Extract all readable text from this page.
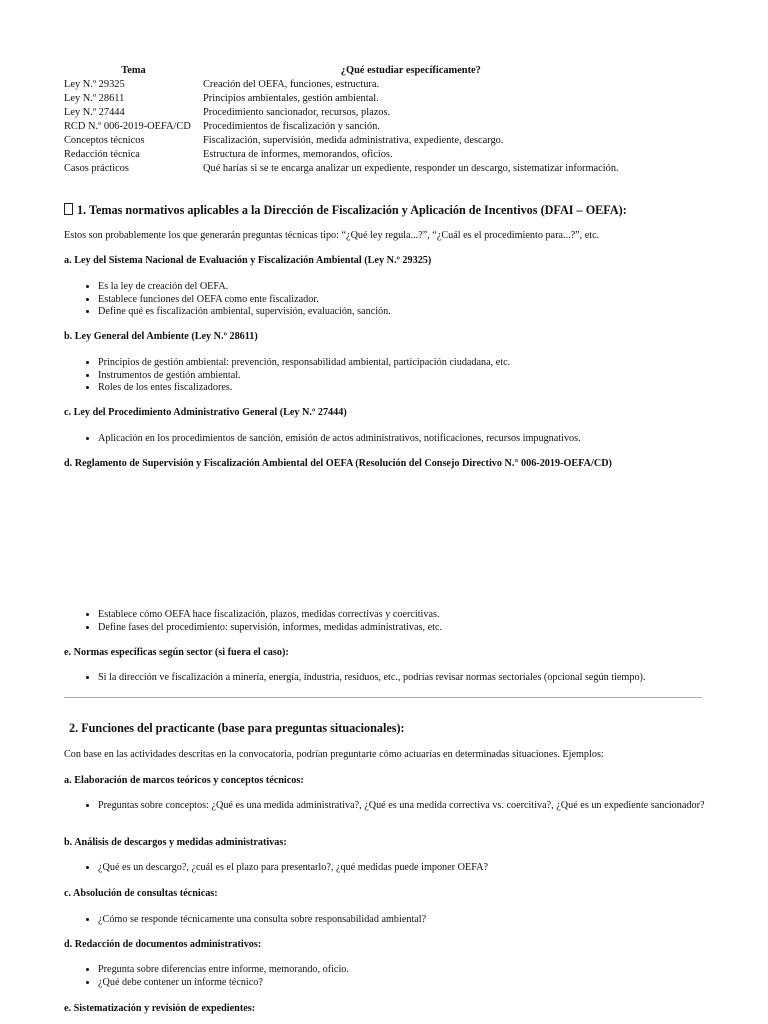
Tema	¿Qué estudiar específicamente?
Ley N.º 29325	Creación del OEFA, funciones, estructura.
Ley N.º 28611	Principios ambientales, gestión ambiental.
Ley N.º 27444	Procedimiento sancionador, recursos, plazos.
RCD N.º 006-2019-OEFA/CD	Procedimientos de fiscalización y sanción.
Conceptos técnicos	Fiscalización, supervisión, medida administrativa, expediente, descargo.
Redacción técnica	Estructura de informes, memorandos, oficios.
Casos prácticos	Qué harías si se te encarga analizar un expediente, responder un descargo, sistematizar información.
1. Temas normativos aplicables a la Dirección de Fiscalización y Aplicación de Incentivos (DFAI – OEFA):
Estos son probablemente los que generarán preguntas técnicas tipo: “¿Qué ley regula...?”, “¿Cuál es el procedimiento para...?”, etc.
a. Ley del Sistema Nacional de Evaluación y Fiscalización Ambiental (Ley N.º 29325)
• Es la ley de creación del OEFA.
• Establece funciones del OEFA como ente fiscalizador.
• Define qué es fiscalización ambiental, supervisión, evaluación, sanción.
b. Ley General del Ambiente (Ley N.º 28611)
• Principios de gestión ambiental: prevención, responsabilidad ambiental, participación ciudadana, etc.
• Instrumentos de gestión ambiental.
• Roles de los entes fiscalizadores.
c. Ley del Procedimiento Administrativo General (Ley N.º 27444)
• Aplicación en los procedimientos de sanción, emisión de actos administrativos, notificaciones, recursos impugnativos.
d. Reglamento de Supervisión y Fiscalización Ambiental del OEFA (Resolución del Consejo Directivo N.° 006-2019-OEFA/CD)
• Establece cómo OEFA hace fiscalización, plazos, medidas correctivas y coercitivas.
• Define fases del procedimiento: supervisión, informes, medidas administrativas, etc.
e. Normas específicas según sector (si fuera el caso):
• Si la dirección ve fiscalización a minería, energía, industria, residuos, etc., podrías revisar normas sectoriales (opcional según tiempo).
2. Funciones del practicante (base para preguntas situacionales):
Con base en las actividades descritas en la convocatoria, podrían preguntarte cómo actuarías en determinadas situaciones. Ejemplos:
a. Elaboración de marcos teóricos y conceptos técnicos:
• Preguntas sobre conceptos: ¿Qué es una medida administrativa?, ¿Qué es una medida correctiva vs. coercitiva?, ¿Qué es un expediente sancionador?
b. Análisis de descargos y medidas administrativas:
• ¿Qué es un descargo?, ¿cuál es el plazo para presentarlo?, ¿qué medidas puede imponer OEFA?
c. Absolución de consultas técnicas:
• ¿Cómo se responde técnicamente una consulta sobre responsabilidad ambiental?
d. Redacción de documentos administrativos:
• Pregunta sobre diferencias entre informe, memorando, oficio.
• ¿Qué debe contener un informe técnico?
e. Sistematización y revisión de expedientes:
